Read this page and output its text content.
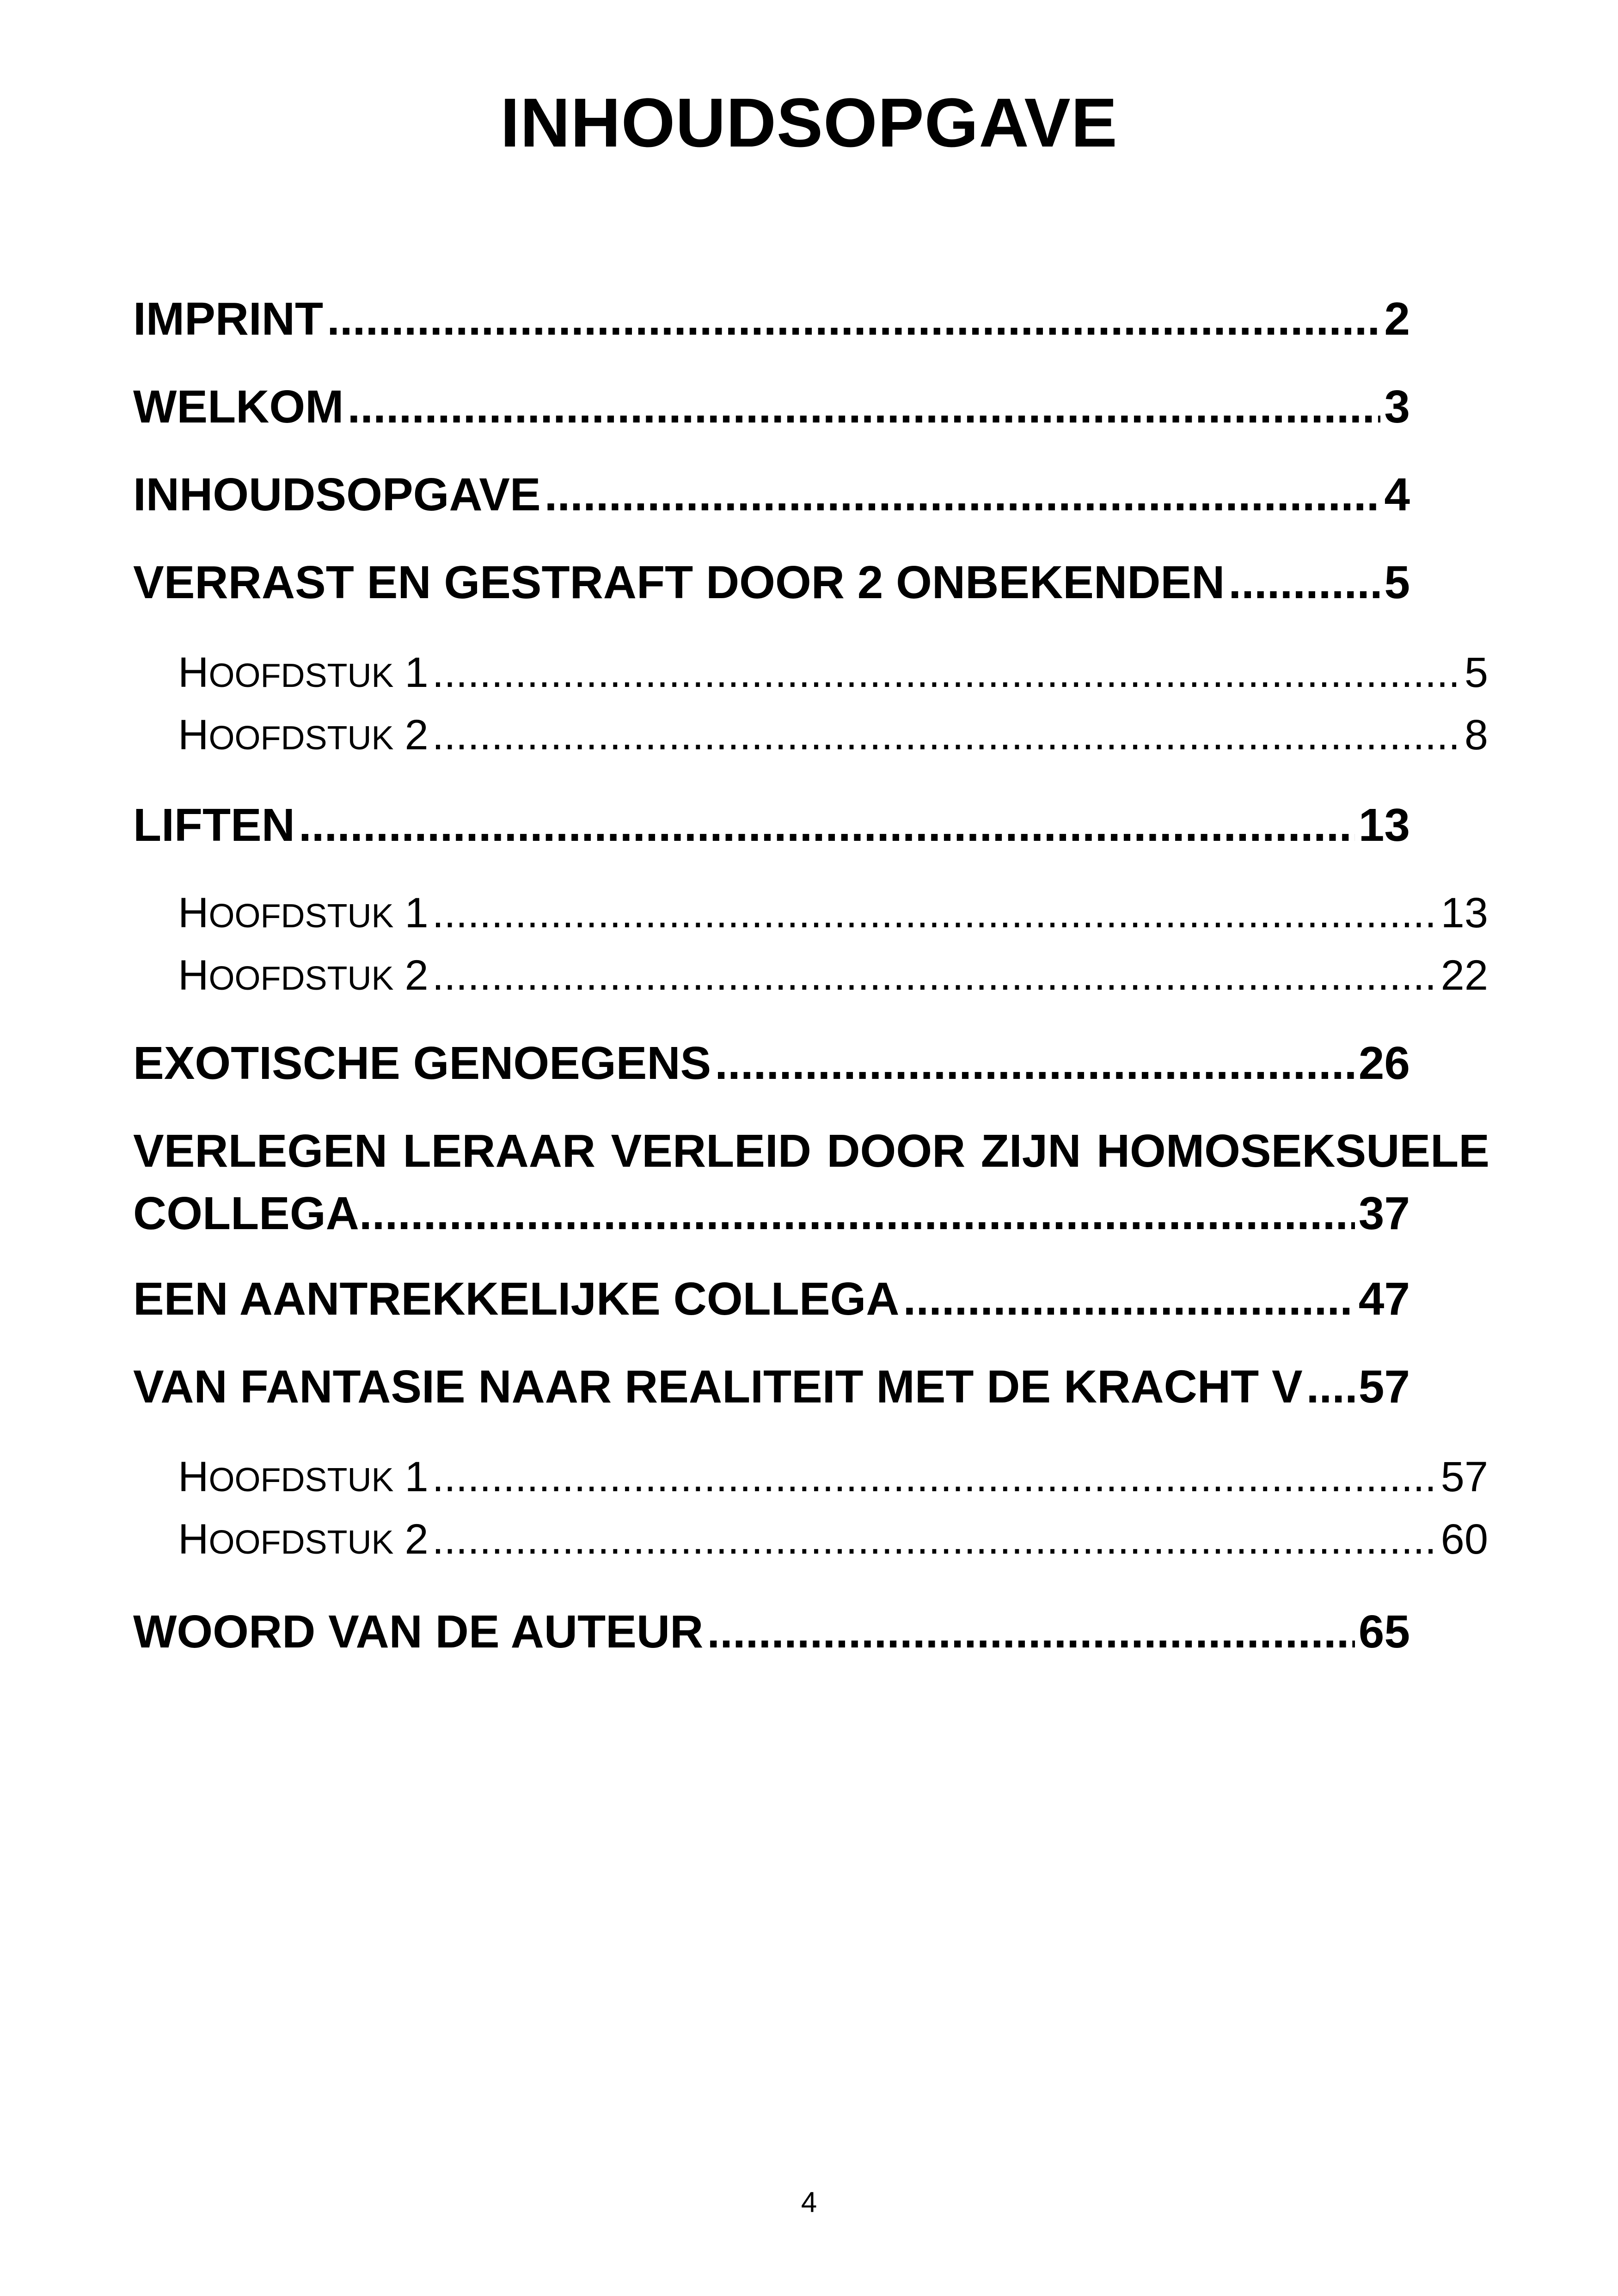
INHOUDSOPGAVE
IMPRINT .....	2
WELKOM .....	3
INHOUDSOPGAVE .....	4
VERRAST EN GESTRAFT DOOR 2 ONBEKENDEN .....	5
H OOFDSTUK 1 .....	5
H OOFDSTUK 2 .....	8
LIFTEN .....	13
H OOFDSTUK 1 .....	13
H OOFDSTUK 2 .....	22
EXOTISCHE GENOEGENS .....	26
VERLEGEN LERAAR VERLEID DOOR ZIJN HOMOSEKSUELE
COLLEGA .....	37
EEN AANTREKKELIJKE COLLEGA .....	47
VAN FANTASIE NAAR REALITEIT MET DE KRACHT V ..... 57
H OOFDSTUK 1 .....	57
H OOFDSTUK 2 .....	60
WOORD VAN DE AUTEUR .....	65
4
